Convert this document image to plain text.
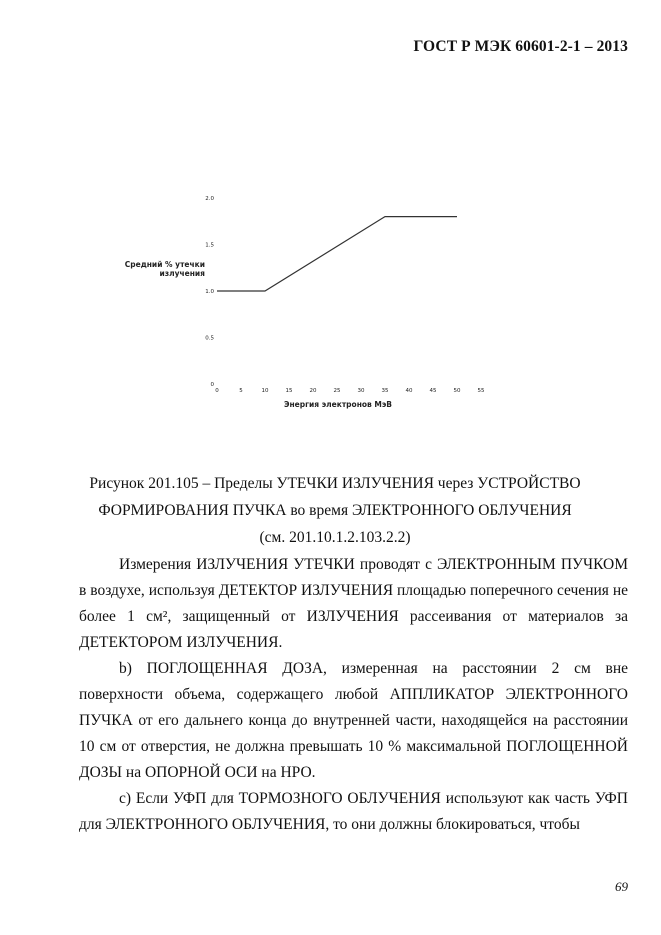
ГОСТ Р МЭК 60601-2-1 – 2013
Средний % утечки
излучения
0
0.5
1.0
1.5
2.0
0	5	10	15	20	25	30	35	40	45	50	55
Энергия электронов МэВ
Рисунок 201.105 – Пределы УТЕЧКИ ИЗЛУЧЕНИЯ через УСТРОЙСТВО
ФОРМИРОВАНИЯ ПУЧКА во время ЭЛЕКТРОННОГО ОБЛУЧЕНИЯ
(см. 201.10.1.2.103.2.2)

Измерения ИЗЛУЧЕНИЯ УТЕЧКИ проводят с ЭЛЕКТРОННЫМ ПУЧКОМ в воздухе, используя ДЕТЕКТОР ИЗЛУЧЕНИЯ площадью поперечного сечения не более 1 см², защищенный от ИЗЛУЧЕНИЯ рассеивания от материалов за ДЕТЕКТОРОМ ИЗЛУЧЕНИЯ.

b) ПОГЛОЩЕННАЯ ДОЗА, измеренная на расстоянии 2 см вне поверхности объема, содержащего любой АППЛИКАТОР ЭЛЕКТРОННОГО ПУЧКА от его дальнего конца до внутренней части, находящейся на расстоянии 10 см от отверстия, не должна превышать 10 % максимальной ПОГЛОЩЕННОЙ ДОЗЫ на ОПОРНОЙ ОСИ на НРО.

с) Если УФП для ТОРМОЗНОГО ОБЛУЧЕНИЯ используют как часть УФП для ЭЛЕКТРОННОГО ОБЛУЧЕНИЯ, то они должны блокироваться, чтобы

69
